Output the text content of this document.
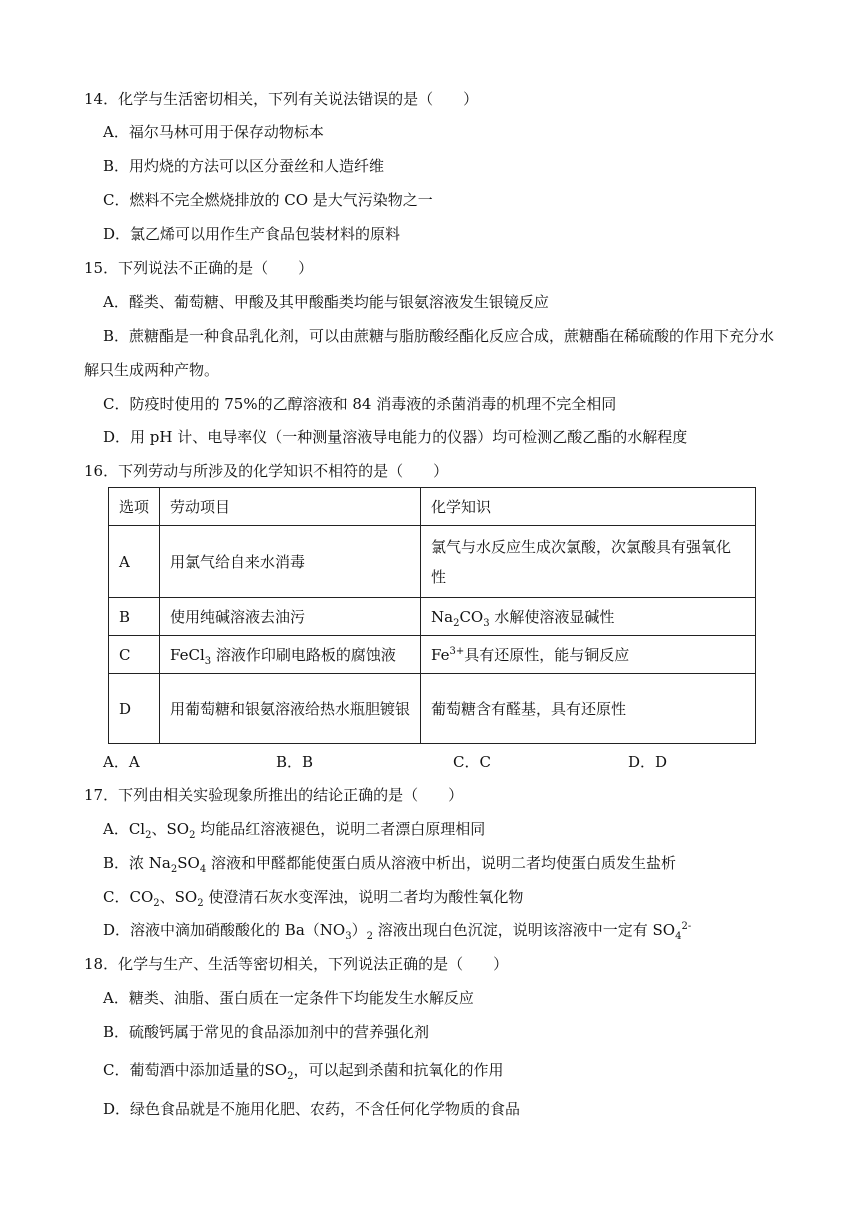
14．化学与生活密切相关，下列有关说法错误的是（　　）
A．福尔马林可用于保存动物标本
B．用灼烧的方法可以区分蚕丝和人造纤维
C．燃料不完全燃烧排放的 CO 是大气污染物之一
D．氯乙烯可以用作生产食品包装材料的原料
15．下列说法不正确的是（　　）
A．醛类、葡萄糖、甲酸及其甲酸酯类均能与银氨溶液发生银镜反应
B．蔗糖酯是一种食品乳化剂，可以由蔗糖与脂肪酸经酯化反应合成，蔗糖酯在稀硫酸的作用下充分水
解只生成两种产物。
C．防疫时使用的 75%的乙醇溶液和 84 消毒液的杀菌消毒的机理不完全相同
D．用 pH 计、电导率仪（一种测量溶液导电能力的仪器）均可检测乙酸乙酯的水解程度
16．下列劳动与所涉及的化学知识不相符的是（　　）
选项	劳动项目	化学知识
A	用氯气给自来水消毒	氯气与水反应生成次氯酸，次氯酸具有强氧化性
B	使用纯碱溶液去油污	$Na_2CO_3$ 水解使溶液显碱性
C	FeCl$_3$ 溶液作印刷电路板的腐蚀液	$Fe^{3+}$具有还原性，能与铜反应
D	用葡萄糖和银氨溶液给热水瓶胆镀银	葡萄糖含有醛基，具有还原性
A．A	B．B	C．C	D．D
17．下列由相关实验现象所推出的结论正确的是（　　）
A．$Cl_2$、$SO_2$ 均能品红溶液褪色，说明二者漂白原理相同
B．浓 $Na_2SO_4$ 溶液和甲醛都能使蛋白质从溶液中析出，说明二者均使蛋白质发生盐析
C．$CO_2$、$SO_2$ 使澄清石灰水变浑浊，说明二者均为酸性氧化物
D．溶液中滴加硝酸酸化的 $Ba(NO_3)_2$ 溶液出现白色沉淀，说明该溶液中一定有 $SO_4^{2-}$
18．化学与生产、生活等密切相关，下列说法正确的是（　　）
A．糖类、油脂、蛋白质在一定条件下均能发生水解反应
B．硫酸钙属于常见的食品添加剂中的营养强化剂
C．葡萄酒中添加适量的$SO_2$，可以起到杀菌和抗氧化的作用
D．绿色食品就是不施用化肥、农药，不含任何化学物质的食品
